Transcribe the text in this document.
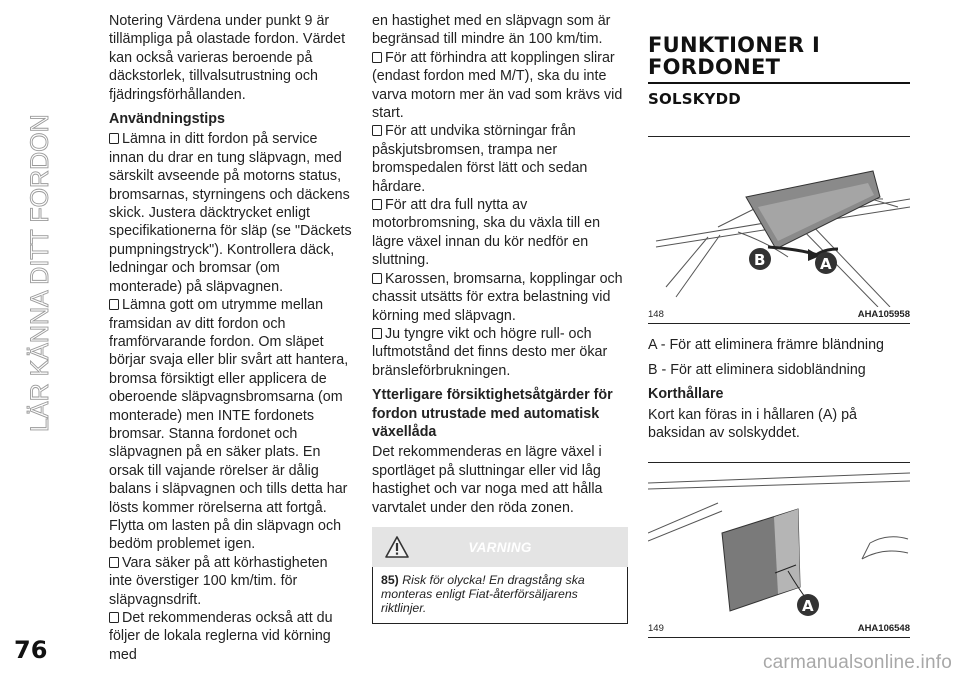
LÄR KÄNNA DITT FORDON
76

Notering Värdena under punkt 9 är tillämpliga på olastade fordon. Värdet kan också varieras beroende på däckstorlek, tillvalsutrustning och fjädringsförhållanden.

Användningstips

Lämna in ditt fordon på service innan du drar en tung släpvagn, med särskilt avseende på motorns status, bromsarnas, styrningens och däckens skick. Justera däcktrycket enligt specifikationerna för släp (se "Däckets pumpningstryck"). Kontrollera däck, ledningar och bromsar (om monterade) på släpvagnen.

Lämna gott om utrymme mellan framsidan av ditt fordon och framförvarande fordon. Om släpet börjar svaja eller blir svårt att hantera, bromsa försiktigt eller applicera de oberoende släpvagnsbromsarna (om monterade) men INTE fordonets bromsar. Stanna fordonet och släpvagnen på en säker plats. En orsak till vajande rörelser är dålig balans i släpvagnen och tills detta har lösts kommer rörelserna att fortgå. Flytta om lasten på din släpvagn och bedöm problemet igen.

Vara säker på att körhastigheten inte överstiger 100 km/tim. för släpvagnsdrift.

Det rekommenderas också att du följer de lokala reglerna vid körning med

en hastighet med en släpvagn som är begränsad till mindre än 100 km/tim.

För att förhindra att kopplingen slirar (endast fordon med M/T), ska du inte varva motorn mer än vad som krävs vid start.

För att undvika störningar från påskjutsbromsen, trampa ner bromspedalen först lätt och sedan hårdare.

För att dra full nytta av motorbromsning, ska du växla till en lägre växel innan du kör nedför en sluttning.

Karossen, bromsarna, kopplingar och chassit utsätts för extra belastning vid körning med släpvagn.

Ju tyngre vikt och högre rull- och luftmotstånd det finns desto mer ökar bränsleförbrukningen.

Ytterligare försiktighetsåtgärder för fordon utrustade med automatisk växellåda

Det rekommenderas en lägre växel i sportläget på sluttningar eller vid låg hastighet och var noga med att hålla varvtalet under den röda zonen.

VARNING
85) Risk för olycka! En dragstång ska monteras enligt Fiat-återförsäljarens riktlinjer.
FUNKTIONER I
FORDONET
SOLSKYDD
B	A
148	AHA105958

A - För att eliminera främre bländning

B - För att eliminera sidobländning

Korthållare

Kort kan föras in i hållaren (A) på baksidan av solskyddet.

A
149	AHA106548
carmanualsonline.info
